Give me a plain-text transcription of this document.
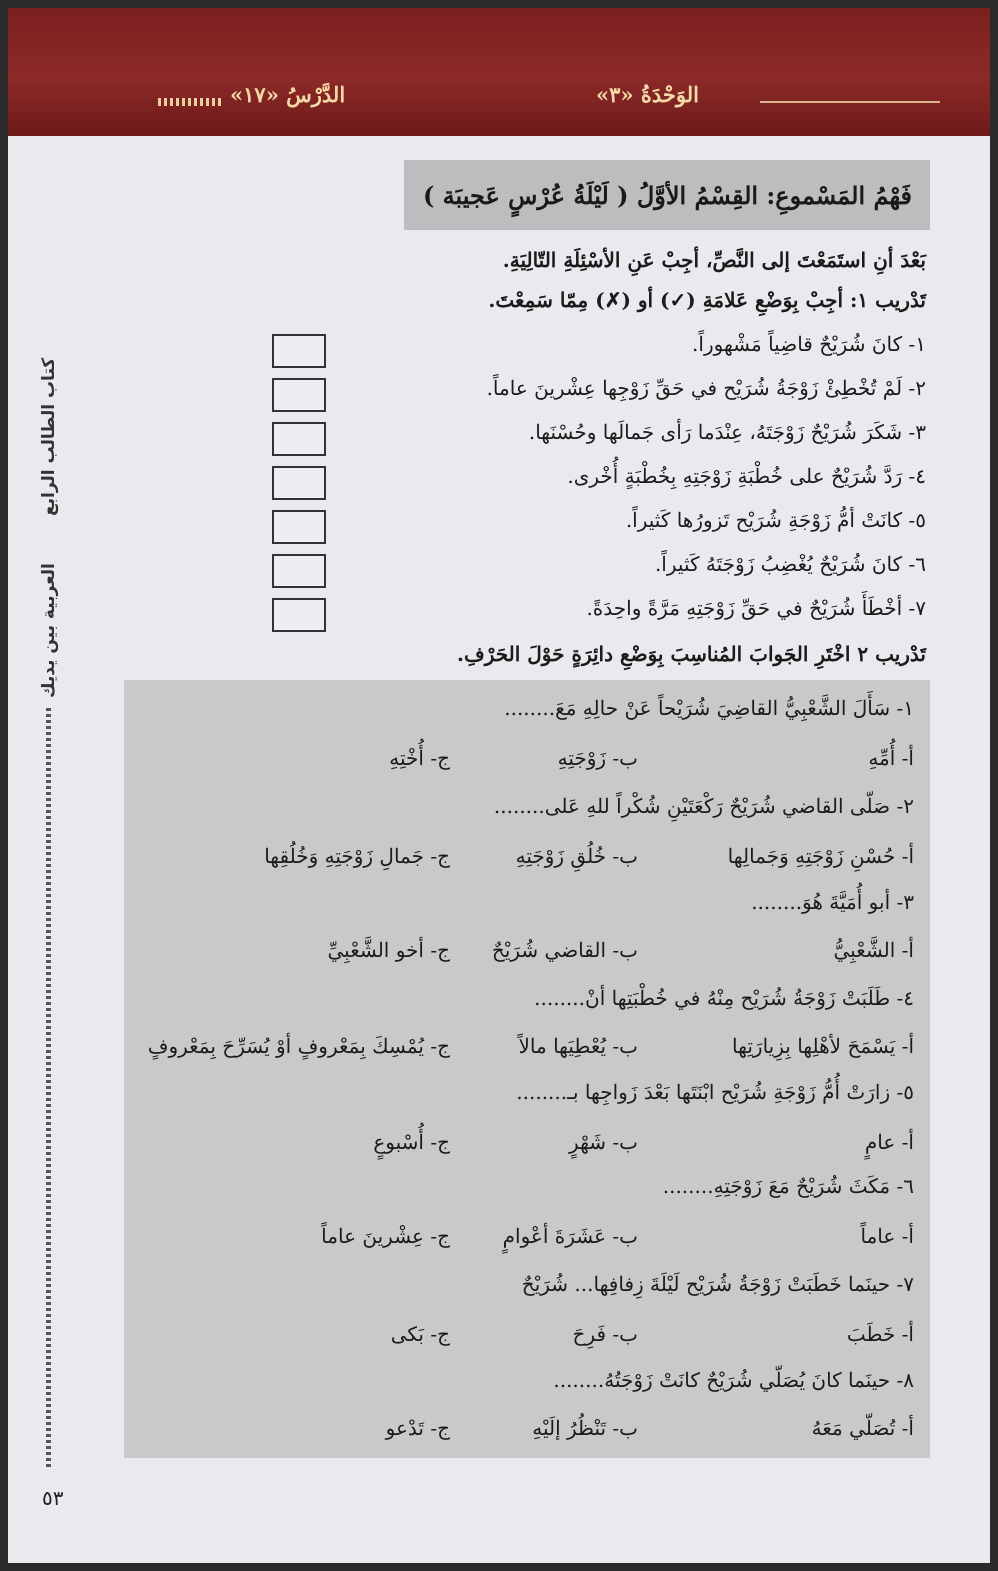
الوَحْدَةُ «٣»
الدَّرْسُ «١٧»
العربية بين يديك
كتاب الطالب الرابع
٥٣
فَهْمُ المَسْموعِ: القِسْمُ الأوَّلُ ( لَيْلَةُ عُرْسٍ عَجيبَة )
بَعْدَ أنِ استَمَعْتَ إلى النَّصِّ، أجِبْ عَنِ الأسْئِلَةِ التّالِيَةِ.
تَدْريب ١: أجِبْ بِوَضْعِ عَلامَةِ (✓) أو (✗) مِمّا سَمِعْتَ.
١- كانَ شُرَيْحٌ قاضِياً مَشْهوراً.
٢- لَمْ تُخْطِئْ زَوْجَةُ شُرَيْح في حَقِّ زَوْجِها عِشْرينَ عاماً.
٣- شَكَرَ شُرَيْحٌ زَوْجَتَهُ، عِنْدَما رَأى جَمالَها وحُسْنَها.
٤- رَدَّ شُرَيْحٌ على خُطْبَةِ زَوْجَتِهِ بِخُطْبَةٍ أُخْرى.
٥- كانَتْ أمُّ زَوْجَةِ شُرَيْح تَزورُها كَثيراً.
٦- كانَ شُرَيْحٌ يُغْضِبُ زَوْجَتَهُ كَثيراً.
٧- أخْطَأَ شُرَيْحٌ في حَقِّ زَوْجَتِهِ مَرَّةً واحِدَةً.
تَدْريب ٢ اخْتَرِ الجَوابَ المُناسِبَ بِوَضْعِ دائِرَةٍ حَوْلَ الحَرْفِ.
١- سَأَلَ الشَّعْبِيُّ القاضِيَ شُرَيْحاً عَنْ حالِهِ مَعَ........
أ- أُمِّهِ
ب- زَوْجَتِهِ
ج- أُخْتِهِ
٢- صَلّى القاضي شُرَيْحٌ رَكْعَتَيْنِ شُكْراً للهِ عَلى........
أ- حُسْنِ زَوْجَتِهِ وَجَمالِها
ب- خُلُقِ زَوْجَتِهِ
ج- جَمالِ زَوْجَتِهِ وَخُلُقِها
٣- أبو أُمَيَّةَ هُوَ........
أ- الشَّعْبِيُّ
ب- القاضي شُرَيْحٌ
ج- أخو الشَّعْبِيِّ
٤- طَلَبَتْ زَوْجَةُ شُرَيْح مِنْهُ في خُطْبَتِها أنْ........
أ- يَسْمَحَ لأهْلِها بِزِيارَتِها
ب- يُعْطِيَها مالاً
ج- يُمْسِكَ بِمَعْروفٍ أوْ يُسَرِّحَ بِمَعْروفٍ
٥- زارَتْ أُمُّ زَوْجَةِ شُرَيْح ابْنَتَها بَعْدَ زَواجِها بـ........
أ- عامٍ
ب- شَهْرٍ
ج- أُسْبوعٍ
٦- مَكَثَ شُرَيْحٌ مَعَ زَوْجَتِهِ........
أ- عاماً
ب- عَشَرَةَ أعْوامٍ
ج- عِشْرينَ عاماً
٧- حينَما خَطَبَتْ زَوْجَةُ شُرَيْح لَيْلَةَ زِفافِها... شُرَيْحٌ
أ- خَطَبَ
ب- فَرِحَ
ج- بَكى
٨- حينَما كانَ يُصَلّي شُرَيْحٌ كانَتْ زَوْجَتُهُ........
أ- تُصَلّي مَعَهُ
ب- تَنْظُرُ إلَيْهِ
ج- تَدْعو
